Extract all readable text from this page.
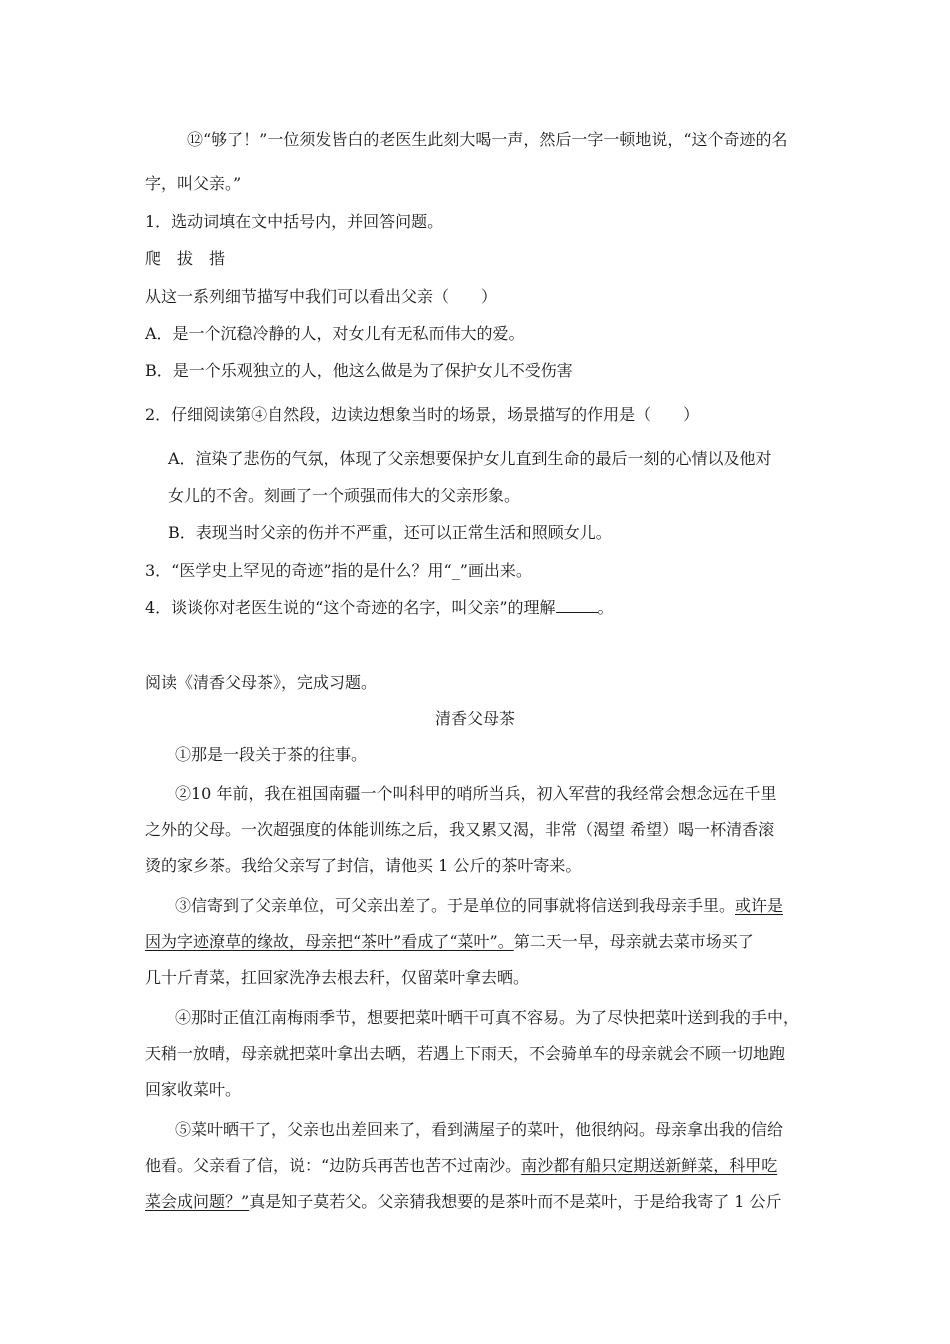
⑫“够了！”一位须发皆白的老医生此刻大喝一声，然后一字一顿地说，“这个奇迹的名
字，叫父亲。”
1．选动词填在文中括号内，并回答问题。
爬　拔　揩
从这一系列细节描写中我们可以看出父亲（　　）
A．是一个沉稳冷静的人，对女儿有无私而伟大的爱。
B．是一个乐观独立的人，他这么做是为了保护女儿不受伤害
2．仔细阅读第④自然段，边读边想象当时的场景，场景描写的作用是（　　）
A．渲染了悲伤的气氛，体现了父亲想要保护女儿直到生命的最后一刻的心情以及他对
女儿的不舍。刻画了一个顽强而伟大的父亲形象。
B．表现当时父亲的伤并不严重，还可以正常生活和照顾女儿。
3．“医学史上罕见的奇迹”指的是什么？用“_”画出来。
4．谈谈你对老医生说的“这个奇迹的名字，叫父亲”的理解	。
阅读《清香父母茶》，完成习题。
清香父母茶
①那是一段关于茶的往事。
②10 年前，我在祖国南疆一个叫科甲的哨所当兵，初入军营的我经常会想念远在千里
之外的父母。一次超强度的体能训练之后，我又累又渴，非常（渴望 希望）喝一杯清香滚
烫的家乡茶。我给父亲写了封信，请他买 1 公斤的茶叶寄来。
③信寄到了父亲单位，可父亲出差了。于是单位的同事就将信送到我母亲手里。或许是
因为字迹潦草的缘故，母亲把“茶叶”看成了“菜叶”。第二天一早，母亲就去菜市场买了
几十斤青菜，扛回家洗净去根去秆，仅留菜叶拿去晒。
④那时正值江南梅雨季节，想要把菜叶晒干可真不容易。为了尽快把菜叶送到我的手中，
天稍一放晴，母亲就把菜叶拿出去晒，若遇上下雨天，不会骑单车的母亲就会不顾一切地跑
回家收菜叶。
⑤菜叶晒干了，父亲也出差回来了，看到满屋子的菜叶，他很纳闷。母亲拿出我的信给
他看。父亲看了信，说：“边防兵再苦也苦不过南沙。南沙都有船只定期送新鲜菜，科甲吃
菜会成问题？”真是知子莫若父。父亲猜我想要的是茶叶而不是菜叶，于是给我寄了 1 公斤
